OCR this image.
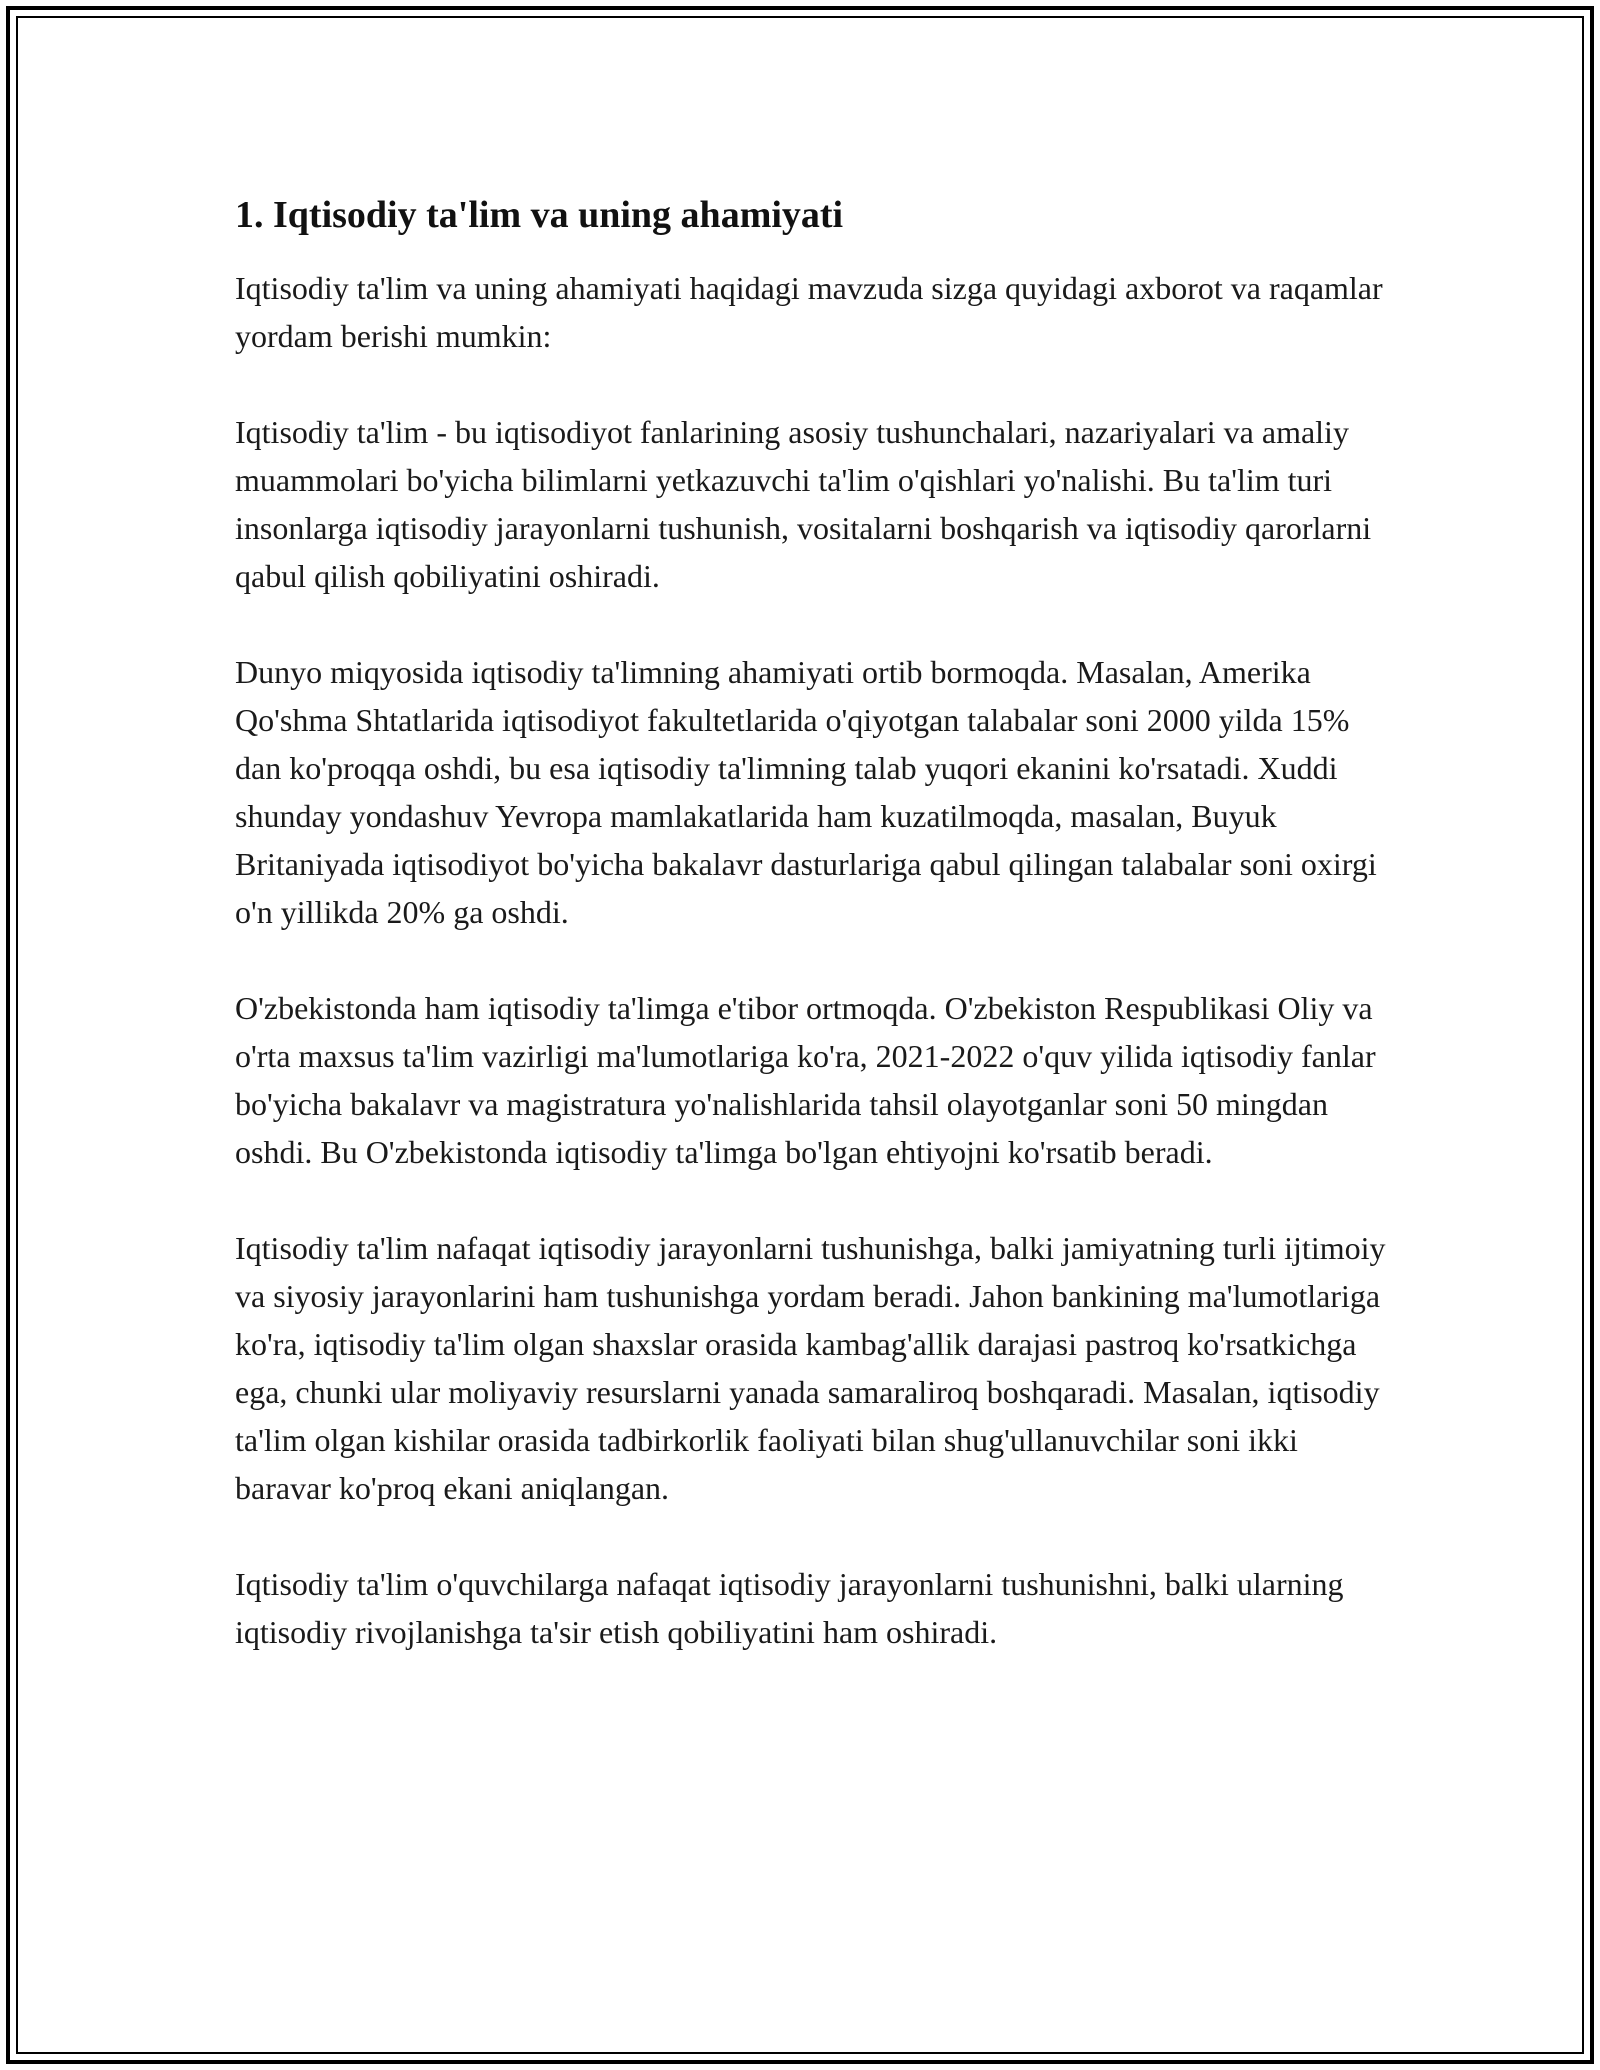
1. Iqtisodiy ta'lim va uning ahamiyati

Iqtisodiy ta'lim va uning ahamiyati haqidagi mavzuda sizga quyidagi axborot va raqamlar yordam berishi mumkin:

Iqtisodiy ta'lim - bu iqtisodiyot fanlarining asosiy tushunchalari, nazariyalari va amaliy muammolari bo'yicha bilimlarni yetkazuvchi ta'lim o'qishlari yo'nalishi. Bu ta'lim turi insonlarga iqtisodiy jarayonlarni tushunish, vositalarni boshqarish va iqtisodiy qarorlarni qabul qilish qobiliyatini oshiradi.

Dunyo miqyosida iqtisodiy ta'limning ahamiyati ortib bormoqda. Masalan, Amerika Qo'shma Shtatlarida iqtisodiyot fakultetlarida o'qiyotgan talabalar soni 2000 yilda 15% dan ko'proqqa oshdi, bu esa iqtisodiy ta'limning talab yuqori ekanini ko'rsatadi. Xuddi shunday yondashuv Yevropa mamlakatlarida ham kuzatilmoqda, masalan, Buyuk Britaniyada iqtisodiyot bo'yicha bakalavr dasturlariga qabul qilingan talabalar soni oxirgi o'n yillikda 20% ga oshdi.

O'zbekistonda ham iqtisodiy ta'limga e'tibor ortmoqda. O'zbekiston Respublikasi Oliy va o'rta maxsus ta'lim vazirligi ma'lumotlariga ko'ra, 2021-2022 o'quv yilida iqtisodiy fanlar bo'yicha bakalavr va magistratura yo'nalishlarida tahsil olayotganlar soni 50 mingdan oshdi. Bu O'zbekistonda iqtisodiy ta'limga bo'lgan ehtiyojni ko'rsatib beradi.

Iqtisodiy ta'lim nafaqat iqtisodiy jarayonlarni tushunishga, balki jamiyatning turli ijtimoiy va siyosiy jarayonlarini ham tushunishga yordam beradi. Jahon bankining ma'lumotlariga ko'ra, iqtisodiy ta'lim olgan shaxslar orasida kambag'allik darajasi pastroq ko'rsatkichga ega, chunki ular moliyaviy resurslarni yanada samaraliroq boshqaradi. Masalan, iqtisodiy ta'lim olgan kishilar orasida tadbirkorlik faoliyati bilan shug'ullanuvchilar soni ikki baravar ko'proq ekani aniqlangan.

Iqtisodiy ta'lim o'quvchilarga nafaqat iqtisodiy jarayonlarni tushunishni, balki ularning iqtisodiy rivojlanishga ta'sir etish qobiliyatini ham oshiradi.
